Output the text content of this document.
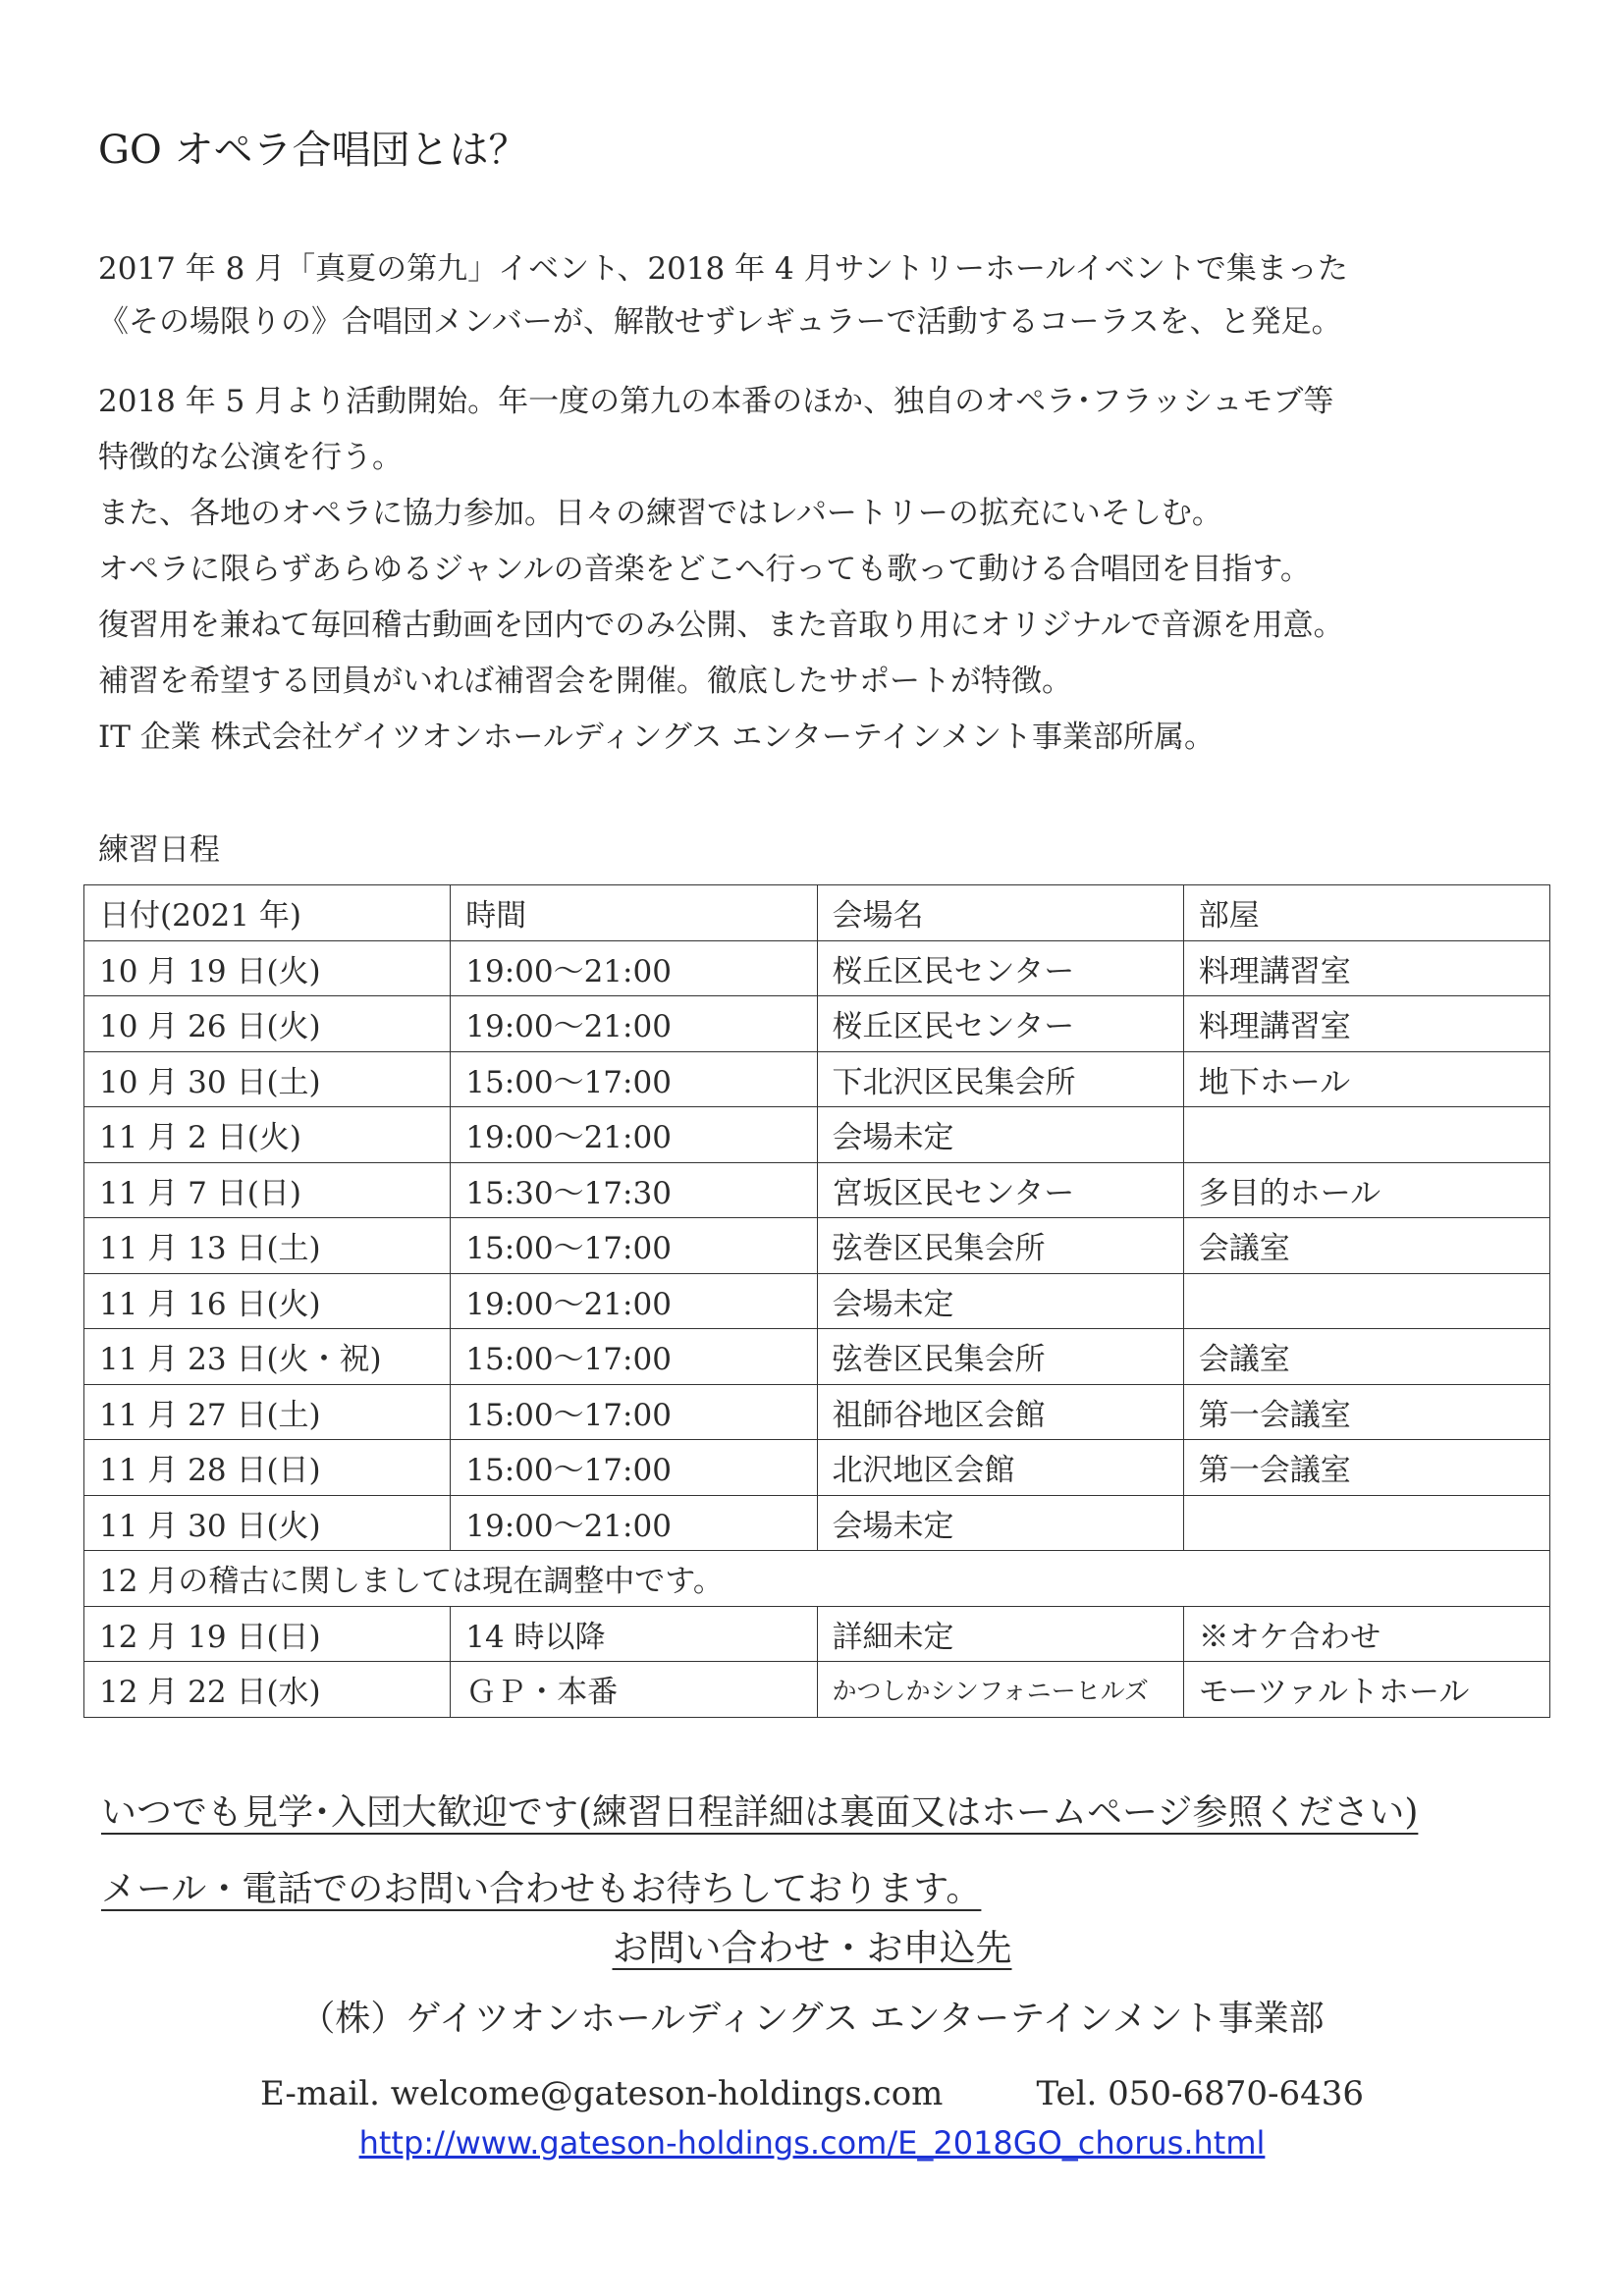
GO オペラ合唱団とは？
2017 年 8 月「真夏の第九」イベント、2018 年 4 月サントリーホールイベントで集まった
《その場限りの》合唱団メンバーが、解散せずレギュラーで活動するコーラスを、と発足。
2018 年 5 月より活動開始。年一度の第九の本番のほか、独自のオペラ･フラッシュモブ等
特徴的な公演を行う。
また、各地のオペラに協力参加。日々の練習ではレパートリーの拡充にいそしむ。
オペラに限らずあらゆるジャンルの音楽をどこへ行っても歌って動ける合唱団を目指す。
復習用を兼ねて毎回稽古動画を団内でのみ公開、また音取り用にオリジナルで音源を用意。
補習を希望する団員がいれば補習会を開催。徹底したサポートが特徴。
IT 企業 株式会社ゲイツオンホールディングス エンターテインメント事業部所属。
練習日程
日付(2021 年)	時間	会場名	部屋
10 月 19 日(火)	19:00～21:00	桜丘区民センター	料理講習室
10 月 26 日(火)	19:00～21:00	桜丘区民センター	料理講習室
10 月 30 日(土)	15:00～17:00	下北沢区民集会所	地下ホール
11 月 2 日(火)	19:00～21:00	会場未定	
11 月 7 日(日)	15:30～17:30	宮坂区民センター	多目的ホール
11 月 13 日(土)	15:00～17:00	弦巻区民集会所	会議室
11 月 16 日(火)	19:00～21:00	会場未定	
11 月 23 日(火・祝)	15:00～17:00	弦巻区民集会所	会議室
11 月 27 日(土)	15:00～17:00	祖師谷地区会館	第一会議室
11 月 28 日(日)	15:00～17:00	北沢地区会館	第一会議室
11 月 30 日(火)	19:00～21:00	会場未定	
12 月の稽古に関しましては現在調整中です。			
12 月 19 日(日)	14 時以降	詳細未定	※オケ合わせ
12 月 22 日(水)	ＧＰ・本番	かつしかシンフォニーヒルズ	モーツァルトホール
いつでも見学･入団大歓迎です(練習日程詳細は裏面又はホームページ参照ください)
メール・電話でのお問い合わせもお待ちしております。

お問い合わせ・お申込先

（株）ゲイツオンホールディングス エンターテインメント事業部

E-mail. welcome@gateson-holdings.com	Tel. 050-6870-6436

http://www.gateson-holdings.com/E_2018GO_chorus.html
